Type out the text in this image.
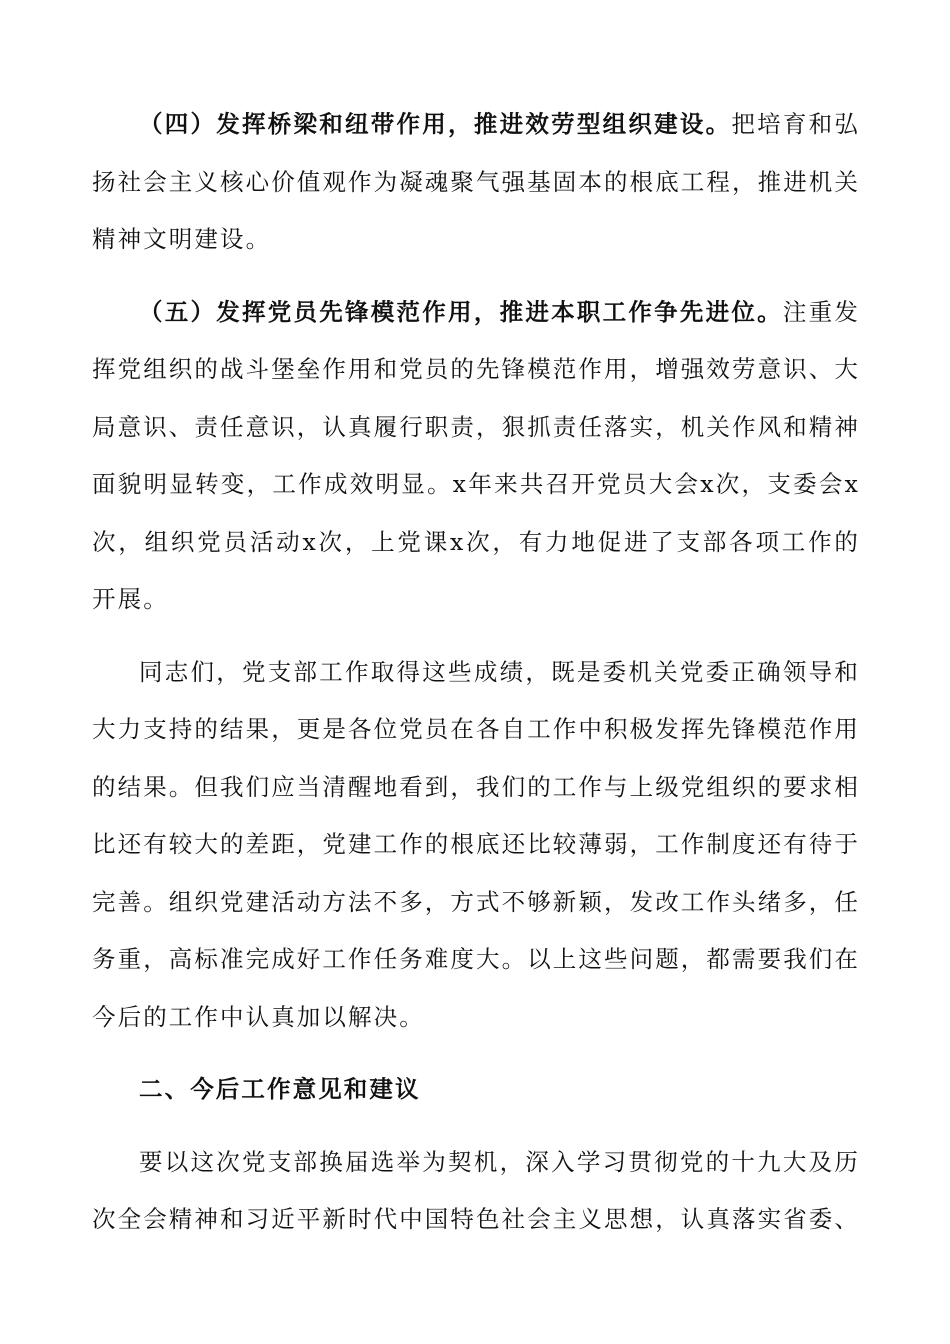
（四）发挥桥梁和纽带作用，推进效劳型组织建设。把培育和弘扬社会主义核心价值观作为凝魂聚气强基固本的根底工程，推进机关精神文明建设。

（五）发挥党员先锋模范作用，推进本职工作争先进位。注重发挥党组织的战斗堡垒作用和党员的先锋模范作用，增强效劳意识、大局意识、责任意识，认真履行职责，狠抓责任落实，机关作风和精神面貌明显转变，工作成效明显。x年来共召开党员大会x次，支委会x次，组织党员活动x次，上党课x次，有力地促进了支部各项工作的开展。

同志们，党支部工作取得这些成绩，既是委机关党委正确领导和大力支持的结果，更是各位党员在各自工作中积极发挥先锋模范作用的结果。但我们应当清醒地看到，我们的工作与上级党组织的要求相比还有较大的差距，党建工作的根底还比较薄弱，工作制度还有待于完善。组织党建活动方法不多，方式不够新颖，发改工作头绪多，任务重，高标准完成好工作任务难度大。以上这些问题，都需要我们在今后的工作中认真加以解决。

二、今后工作意见和建议

要以这次党支部换届选举为契机，深入学习贯彻党的十九大及历次全会精神和习近平新时代中国特色社会主义思想，认真落实省委、
